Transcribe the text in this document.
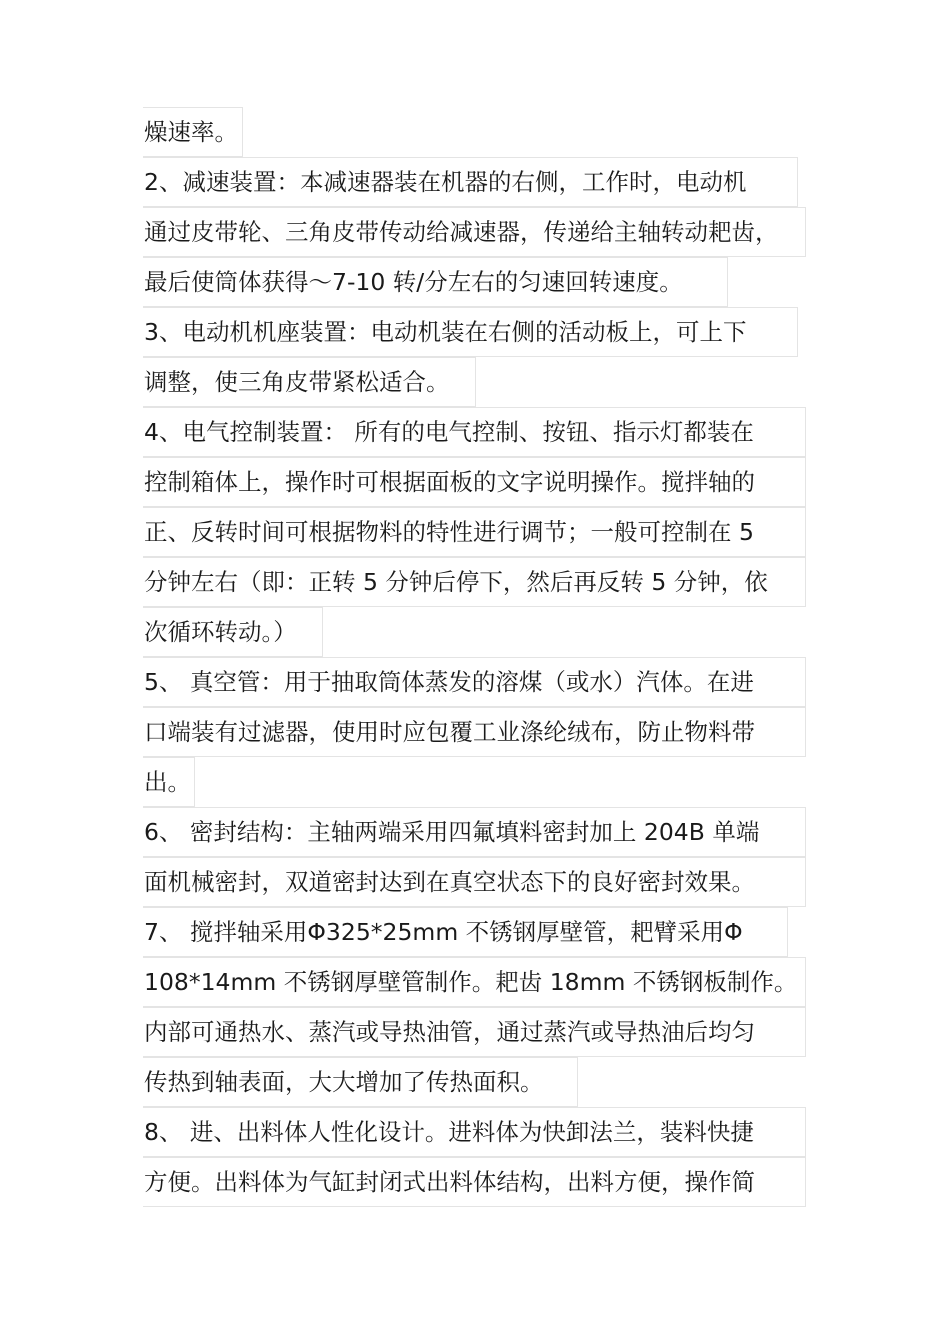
燥速率。
2、减速装置：本减速器装在机器的右侧，工作时，电动机
通过皮带轮、三角皮带传动给减速器，传递给主轴转动耙齿，
最后使筒体获得～7-10 转/分左右的匀速回转速度。
3、电动机机座装置：电动机装在右侧的活动板上，可上下
调整，使三角皮带紧松适合。
4、电气控制装置： 所有的电气控制、按钮、指示灯都装在
控制箱体上，操作时可根据面板的文字说明操作。搅拌轴的
正、反转时间可根据物料的特性进行调节；一般可控制在 5
分钟左右（即：正转 5 分钟后停下，然后再反转 5 分钟，依
次循环转动。）
5、 真空管：用于抽取筒体蒸发的溶煤（或水）汽体。在进
口端装有过滤器，使用时应包覆工业涤纶绒布，防止物料带
出。
6、 密封结构：主轴两端采用四氟填料密封加上 204B 单端
面机械密封，双道密封达到在真空状态下的良好密封效果。
7、 搅拌轴采用Φ325*25mm 不锈钢厚壁管，耙臂采用Φ
108*14mm 不锈钢厚壁管制作。耙齿 18mm 不锈钢板制作。
内部可通热水、蒸汽或导热油管，通过蒸汽或导热油后均匀
传热到轴表面，大大增加了传热面积。
8、 进、出料体人性化设计。进料体为快卸法兰，装料快捷
方便。出料体为气缸封闭式出料体结构，出料方便，操作简
